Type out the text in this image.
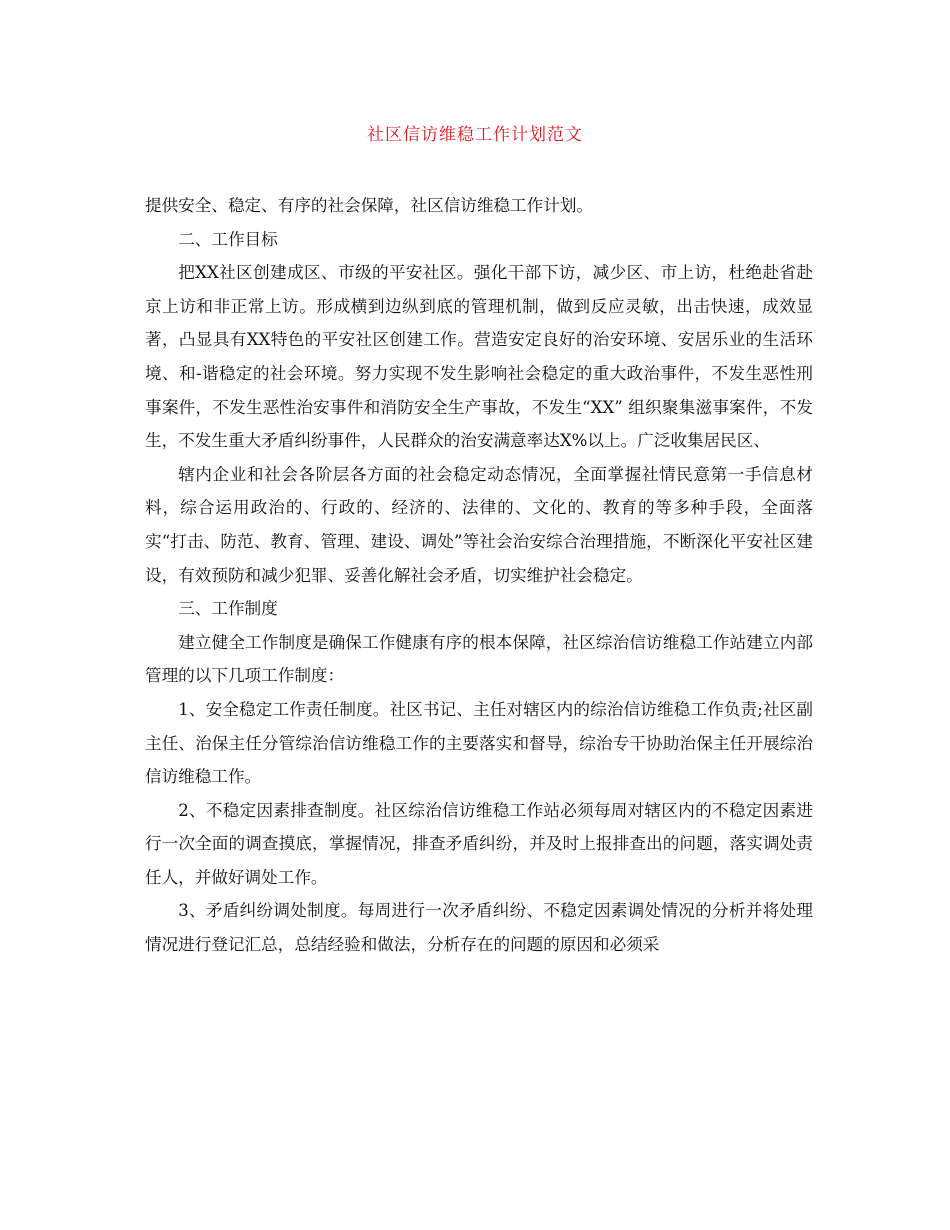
社区信访维稳工作计划范文

提供安全、稳定、有序的社会保障，社区信访维稳工作计划。

二、工作目标

把XX社区创建成区、市级的平安社区。强化干部下访，减少区、市上访，杜绝赴省赴京上访和非正常上访。形成横到边纵到底的管理机制，做到反应灵敏，出击快速，成效显著，凸显具有XX特色的平安社区创建工作。营造安定良好的治安环境、安居乐业的生活环境、和-谐稳定的社会环境。努力实现不发生影响社会稳定的重大政治事件，不发生恶性刑事案件，不发生恶性治安事件和消防安全生产事故，不发生“XX” 组织聚集滋事案件，不发生，不发生重大矛盾纠纷事件，人民群众的治安满意率达X%以上。广泛收集居民区、

辖内企业和社会各阶层各方面的社会稳定动态情况，全面掌握社情民意第一手信息材料，综合运用政治的、行政的、经济的、法律的、文化的、教育的等多种手段，全面落实“打击、防范、教育、管理、建设、调处”等社会治安综合治理措施，不断深化平安社区建设，有效预防和减少犯罪、妥善化解社会矛盾，切实维护社会稳定。

三、工作制度

建立健全工作制度是确保工作健康有序的根本保障，社区综治信访维稳工作站建立内部管理的以下几项工作制度：

1、安全稳定工作责任制度。社区书记、主任对辖区内的综治信访维稳工作负责;社区副主任、治保主任分管综治信访维稳工作的主要落实和督导，综治专干协助治保主任开展综治信访维稳工作。

2、不稳定因素排查制度。社区综治信访维稳工作站必须每周对辖区内的不稳定因素进行一次全面的调查摸底，掌握情况，排查矛盾纠纷，并及时上报排查出的问题，落实调处责任人，并做好调处工作。

3、矛盾纠纷调处制度。每周进行一次矛盾纠纷、不稳定因素调处情况的分析并将处理情况进行登记汇总，总结经验和做法，分析存在的问题的原因和必须采
